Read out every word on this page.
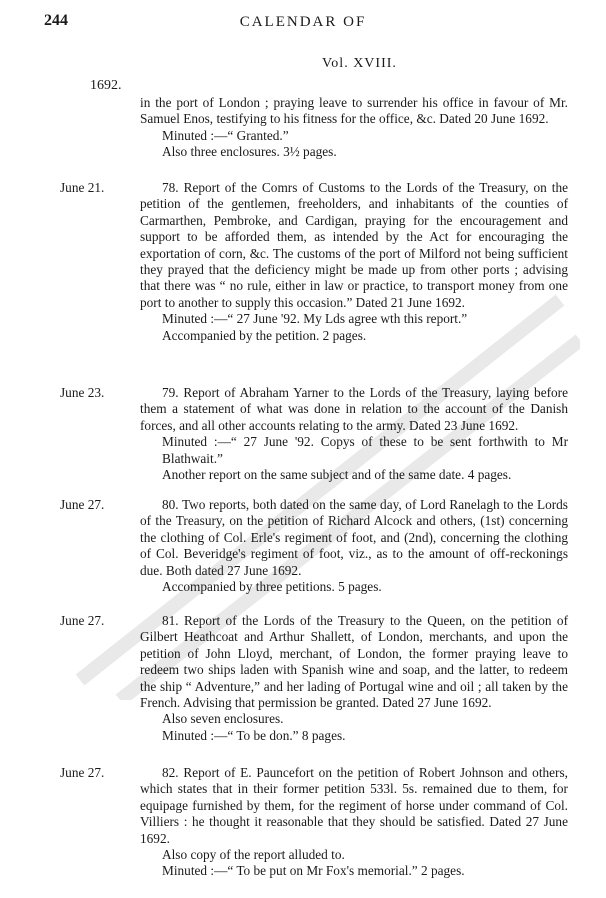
244	CALENDAR OF
Vol. XVIII.
1692.

in the port of London ; praying leave to surrender his office in favour of Mr. Samuel Enos, testifying to his fitness for the office, &c. Dated 20 June 1692.

Minuted :—“ Granted.”

Also three enclosures. 3½ pages.

June 21.	78. Report of the Comrs of Customs to the Lords of the Treasury, on the petition of the gentlemen, freeholders, and inhabitants of the counties of Carmarthen, Pembroke, and Cardigan, praying for the encouragement and support to be afforded them, as intended by the Act for encouraging the exportation of corn, &c. The customs of the port of Milford not being sufficient they prayed that the deficiency might be made up from other ports ; advising that there was “ no rule, either in law or practice, to transport money from one port to another to supply this occasion.” Dated 21 June 1692.

Minuted :—“ 27 June '92. My Lds agree wth this report.”

Accompanied by the petition. 2 pages.

June 23.	79. Report of Abraham Yarner to the Lords of the Treasury, laying before them a statement of what was done in relation to the account of the Danish forces, and all other accounts relating to the army. Dated 23 June 1692.

Minuted :—“ 27 June '92. Copys of these to be sent forthwith to Mr Blathwait.”

Another report on the same subject and of the same date. 4 pages.

June 27.	80. Two reports, both dated on the same day, of Lord Ranelagh to the Lords of the Treasury, on the petition of Richard Alcock and others, (1st) concerning the clothing of Col. Erle's regiment of foot, and (2nd), concerning the clothing of Col. Beveridge's regiment of foot, viz., as to the amount of off-reckonings due. Both dated 27 June 1692.

Accompanied by three petitions. 5 pages.

June 27.	81. Report of the Lords of the Treasury to the Queen, on the petition of Gilbert Heathcoat and Arthur Shallett, of London, merchants, and upon the petition of John Lloyd, merchant, of London, the former praying leave to redeem two ships laden with Spanish wine and soap, and the latter, to redeem the ship “ Adventure,” and her lading of Portugal wine and oil ; all taken by the French. Advising that permission be granted. Dated 27 June 1692.

Also seven enclosures.

Minuted :—“ To be don.” 8 pages.

June 27.	82. Report of E. Pauncefort on the petition of Robert Johnson and others, which states that in their former petition 533l. 5s. remained due to them, for equipage furnished by them, for the regiment of horse under command of Col. Villiers : he thought it reasonable that they should be satisfied. Dated 27 June 1692.

Also copy of the report alluded to.

Minuted :—“ To be put on Mr Fox's memorial.” 2 pages.
